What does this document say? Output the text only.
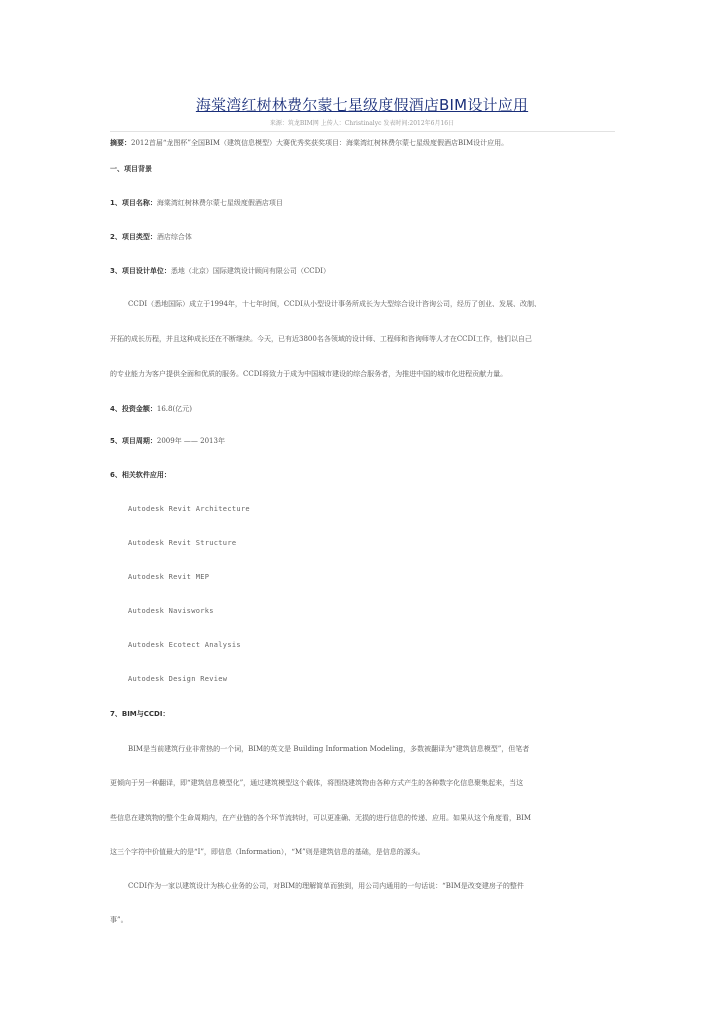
海棠湾红树林费尔蒙七星级度假酒店BIM设计应用
来源：筑龙BIM网 上传人：Christinalyc 发表时间:2012年6月16日
摘要：2012首届“龙图杯”全国BIM（建筑信息模型）大赛优秀奖获奖项目：海棠湾红树林费尔蒙七星级度假酒店BIM设计应用。
一、项目背景
1、项目名称：海棠湾红树林费尔蒙七星级度假酒店项目
2、项目类型：酒店综合体
3、项目设计单位：悉地（北京）国际建筑设计顾问有限公司（CCDI）
CCDI（悉地国际）成立于1994年，十七年时间，CCDI从小型设计事务所成长为大型综合设计咨询公司，经历了创业、发展、改制、
开拓的成长历程，并且这种成长还在不断继续。今天，已有近3800名各领域的设计师、工程师和咨询师等人才在CCDI工作，他们以自己
的专业能力为客户提供全面和优质的服务。CCDI将致力于成为中国城市建设的综合服务者，为推进中国的城市化进程贡献力量。
4、投资金额：16.8(亿元)
5、项目周期：2009年 —— 2013年
6、相关软件应用：
Autodesk Revit Architecture
Autodesk Revit Structure
Autodesk Revit MEP
Autodesk Navisworks
Autodesk Ecotect Analysis
Autodesk Design Review
7、BIM与CCDI：
BIM是当前建筑行业非常热的一个词，BIM的英文是 Building Information Modeling，多数被翻译为“建筑信息模型”，但笔者
更倾向于另一种翻译，即“建筑信息模型化”，通过建筑模型这个载体，将围绕建筑物由各种方式产生的各种数字化信息聚集起来，当这
些信息在建筑物的整个生命周期内，在产业链的各个环节流转时，可以更准确、无损的进行信息的传递、应用。如果从这个角度看，BIM
这三个字符中价值最大的是“I”，即信息（Information），“M”则是建筑信息的基础，是信息的源头。
CCDI作为一家以建筑设计为核心业务的公司，对BIM的理解简单而独到，用公司内通用的一句话说：“BIM是改变建房子的整件
事”。
